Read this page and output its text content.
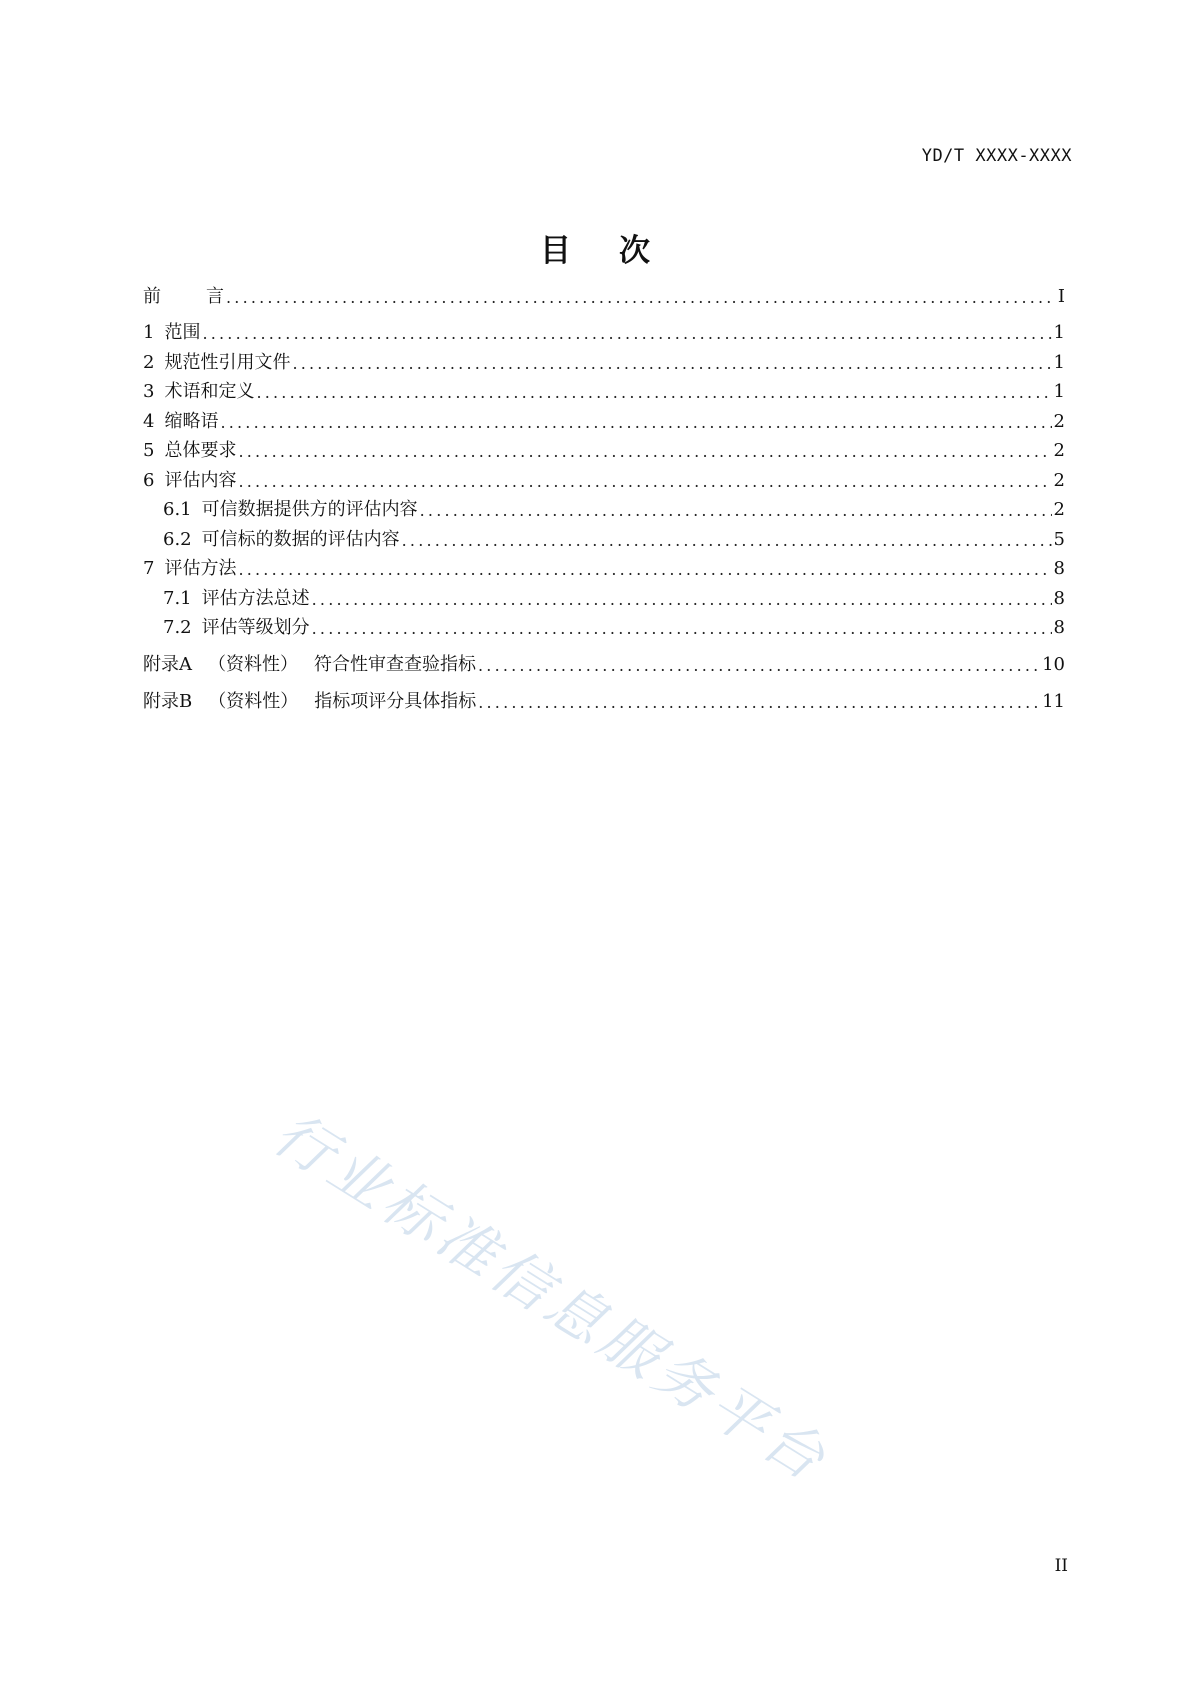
YD/T XXXX-XXXX
目次
前	言 .....	I
1 范围 .....	1
2 规范性引用文件 .....	1
3 术语和定义 .....	1
4 缩略语 .....	2
5 总体要求 .....	2
6 评估内容 .....	2
6.1 可信数据提供方的评估内容 .....	2
6.2 可信标的数据的评估内容 .....	5
7 评估方法 .....	8
7.1 评估方法总述 .....	8
7.2 评估等级划分 .....	8
附录A （资料性） 符合性审查查验指标 .....	10
附录B （资料性） 指标项评分具体指标 .....	11
行业标准信息服务平台
II
